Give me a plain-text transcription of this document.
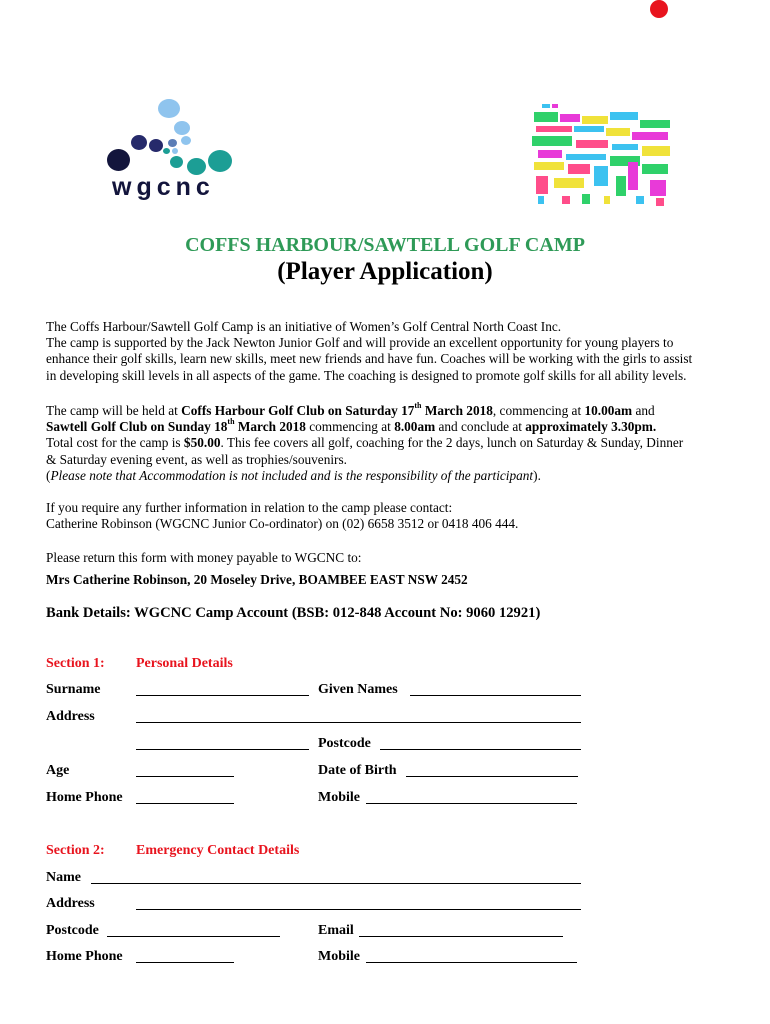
wgcnc
COFFS HARBOUR/SAWTELL GOLF CAMP
(Player Application)
The Coffs Harbour/Sawtell Golf Camp is an initiative of Women’s Golf Central North Coast Inc.
The camp is supported by the Jack Newton Junior Golf and will provide an excellent opportunity for young players to
enhance their golf skills, learn new skills, meet new friends and have fun. Coaches will be working with the girls to assist
in developing skill levels in all aspects of the game. The coaching is designed to promote golf skills for all ability levels.
The camp will be held at Coffs Harbour Golf Club on Saturday 17th March 2018, commencing at 10.00am and
Sawtell Golf Club on Sunday 18th March 2018 commencing at 8.00am and conclude at approximately 3.30pm.
Total cost for the camp is $50.00. This fee covers all golf, coaching for the 2 days, lunch on Saturday & Sunday, Dinner
& Saturday evening event, as well as trophies/souvenirs.
(Please note that Accommodation is not included and is the responsibility of the participant).
If you require any further information in relation to the camp please contact:
Catherine Robinson (WGCNC Junior Co-ordinator) on (02) 6658 3512 or 0418 406 444.
Please return this form with money payable to WGCNC to:
Mrs Catherine Robinson, 20 Moseley Drive, BOAMBEE EAST NSW 2452
Bank Details: WGCNC Camp Account (BSB: 012-848 Account No: 9060 12921)
Section 1: Personal Details
Surname	Given Names
Address
Postcode
Age	Date of Birth
Home Phone	Mobile
Section 2: Emergency Contact Details
Name
Address
Postcode	Email
Home Phone	Mobile
